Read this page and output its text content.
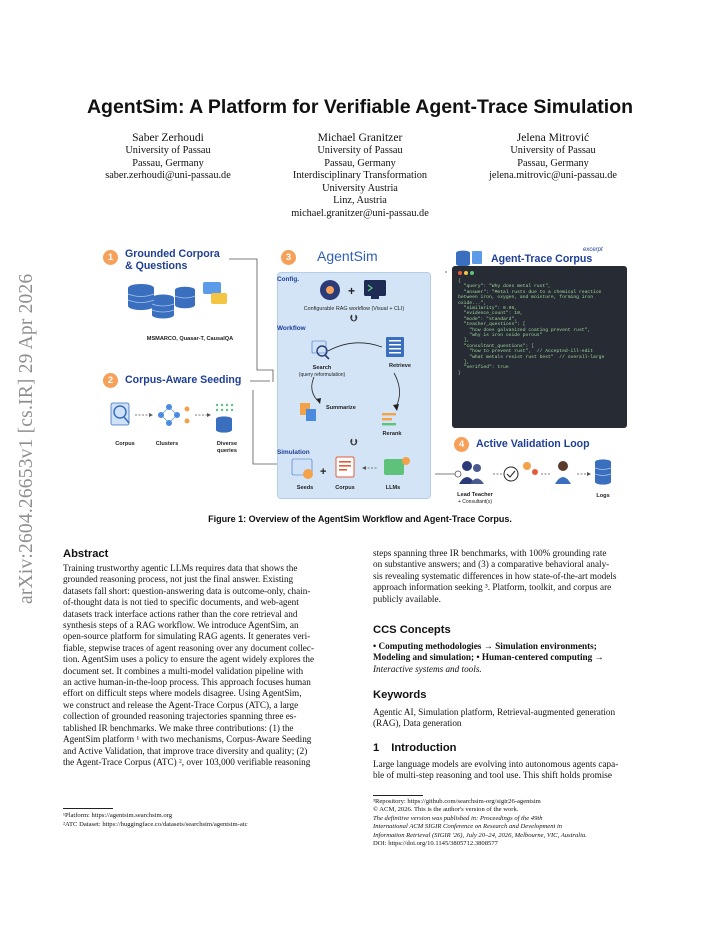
arXiv:2604.26653v1 [cs.IR] 29 Apr 2026
AgentSim: A Platform for Verifiable Agent-Trace Simulation
Saber Zerhoudi
University of Passau
Passau, Germany
saber.zerhoudi@uni-passau.de
Michael Granitzer
University of Passau
Passau, Germany
Interdisciplinary Transformation
University Austria
Linz, Austria
michael.granitzer@uni-passau.de
Jelena Mitrović
University of Passau
Passau, Germany
jelena.mitrovic@uni-passau.de
1	Grounded Corpora
& Questions
MSMARCO, Quasar-T, CausalQA
2	Corpus-Aware Seeding
Corpus	Clusters	Diverse
queries
3	AgentSim
Config.
+
Configurable RAG workflow (Visual + CLI)
⮋
Workflow
Search
(query reformulation)
Retrieve
Summarize
Rerank
⮋
Simulation
+
Seeds	Corpus	LLMs
excerpt
Agent-Trace Corpus
{
"query": "Why does metal rust",
"answer": "Metal rusts due to a chemical reaction
between iron, oxygen, and moisture, forming iron
oxide...",
"similarity": 0.96,
"evidence_count": 10,
"mode": "standard",
"teacher_questions": [
"how does galvanized coating prevent rust",
"why is iron oxide porous"
],
"consultant_questions": [
"how to prevent rust",  // Accepted-ill-edit
"what metals resist rust best"  // overall-large
],
"verified": true
}
4	Active Validation Loop
Lead Teacher
+ Consultant(s)
Logs
Figure 1: Overview of the AgentSim Workflow and Agent-Trace Corpus.
Abstract
Training trustworthy agentic LLMs requires data that shows the
grounded reasoning process, not just the final answer. Existing
datasets fall short: question-answering data is outcome-only, chain-
of-thought data is not tied to specific documents, and web-agent
datasets track interface actions rather than the core retrieval and
synthesis steps of a RAG workflow. We introduce AgentSim, an
open-source platform for simulating RAG agents. It generates veri-
fiable, stepwise traces of agent reasoning over any document collec-
tion. AgentSim uses a policy to ensure the agent widely explores the
document set. It combines a multi-model validation pipeline with
an active human-in-the-loop process. This approach focuses human
effort on difficult steps where models disagree. Using AgentSim,
we construct and release the Agent-Trace Corpus (ATC), a large
collection of grounded reasoning trajectories spanning three es-
tablished IR benchmarks. We make three contributions: (1) the
AgentSim platform ¹ with two mechanisms, Corpus-Aware Seeding
and Active Validation, that improve trace diversity and quality; (2)
the Agent-Trace Corpus (ATC) ², over 103,000 verifiable reasoning
¹Platform: https://agentsim.searchsim.org
²ATC Dataset: https://huggingface.co/datasets/searchsim/agentsim-atc
steps spanning three IR benchmarks, with 100% grounding rate
on substantive answers; and (3) a comparative behavioral analy-
sis revealing systematic differences in how state-of-the-art models
approach information seeking ³. Platform, toolkit, and corpus are
publicly available.
CCS Concepts
• Computing methodologies → Simulation environments;
Modeling and simulation; • Human-centered computing →
Interactive systems and tools.
Keywords
Agentic AI, Simulation platform, Retrieval-augmented generation
(RAG), Data generation
1 Introduction
Large language models are evolving into autonomous agents capa-
ble of multi-step reasoning and tool use. This shift holds promise
³Repository: https://github.com/searchsim-org/sigir26-agentsim
© ACM, 2026. This is the author's version of the work.
The definitive version was published in: Proceedings of the 49th
International ACM SIGIR Conference on Research and Development in
Information Retrieval (SIGIR '26), July 20–24, 2026, Melbourne, VIC, Australia.
DOI: https://doi.org/10.1145/3805712.3808577
